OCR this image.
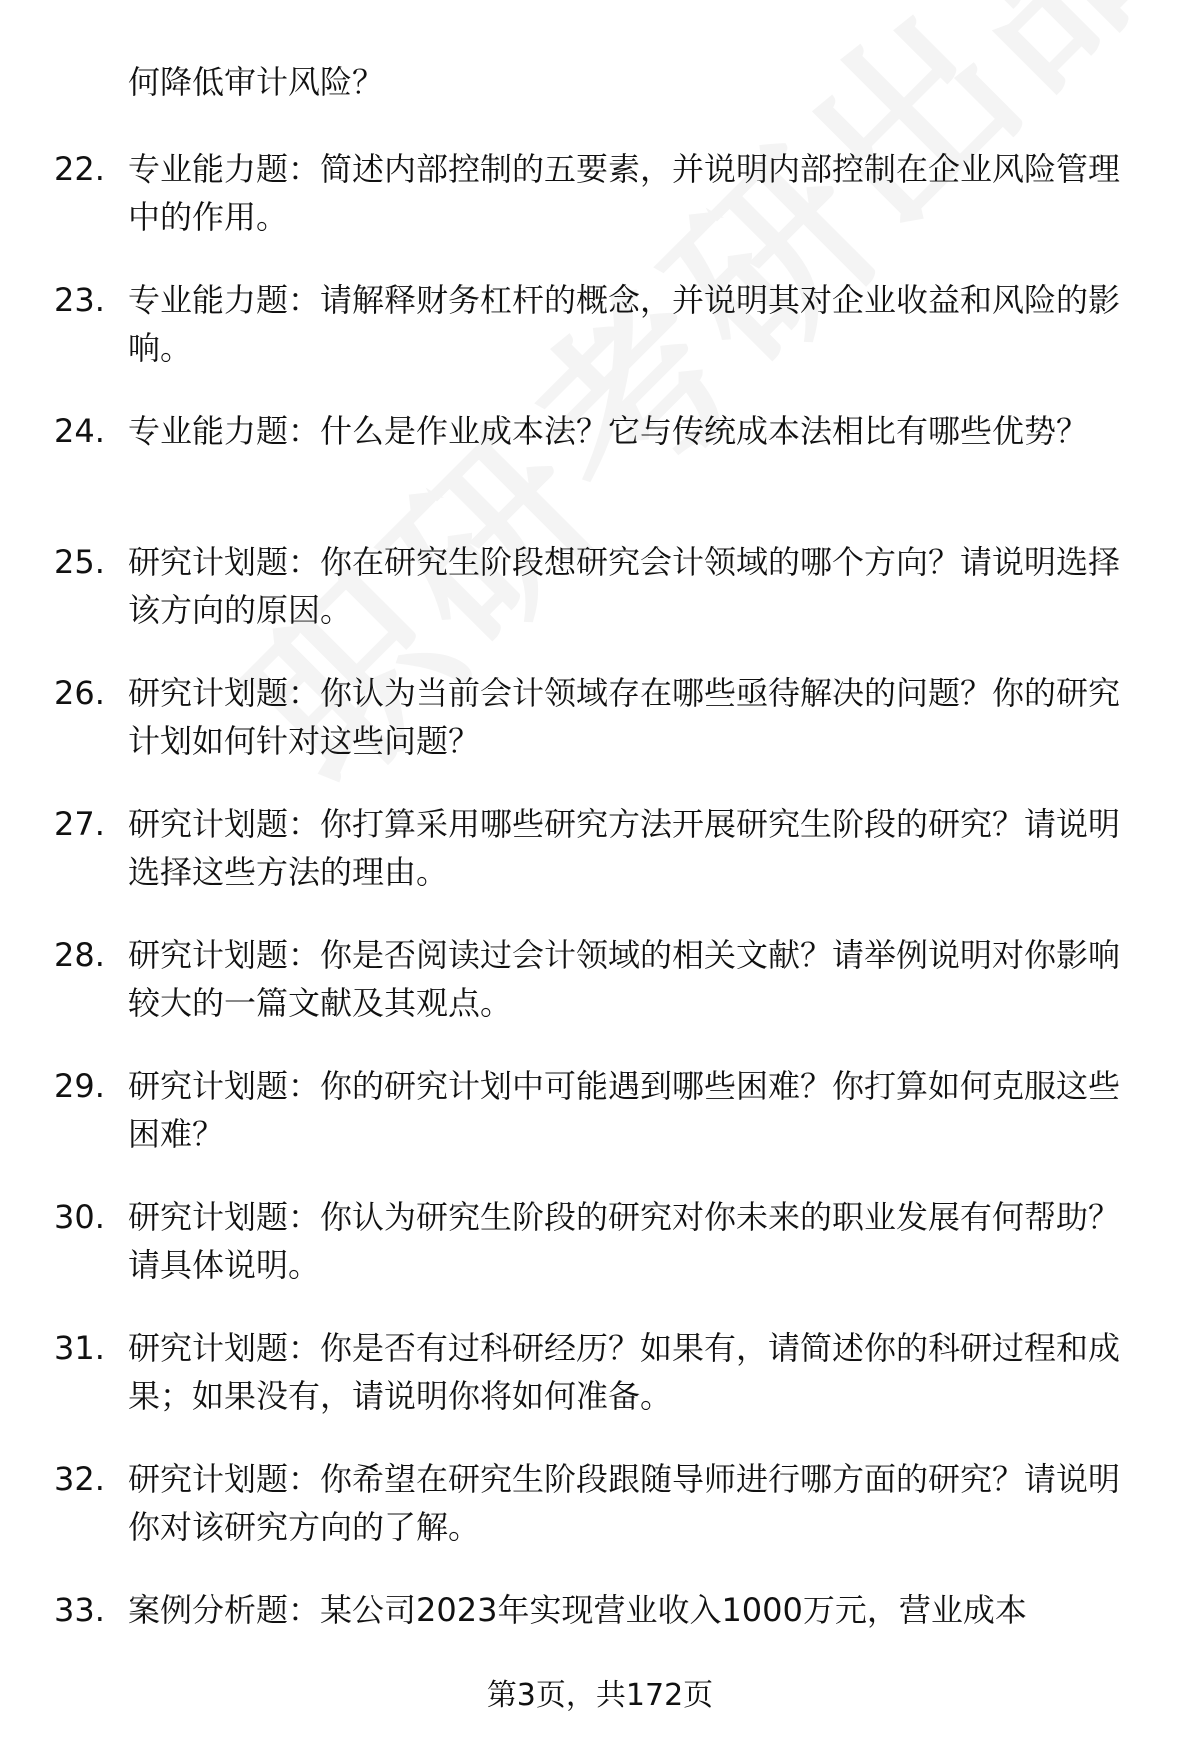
何降低审计风险？
22. 专业能力题：简述内部控制的五要素，并说明内部控制在企业风险管理中的作用。
23. 专业能力题：请解释财务杠杆的概念，并说明其对企业收益和风险的影响。
24. 专业能力题：什么是作业成本法？它与传统成本法相比有哪些优势？
25. 研究计划题：你在研究生阶段想研究会计领域的哪个方向？请说明选择该方向的原因。
26. 研究计划题：你认为当前会计领域存在哪些亟待解决的问题？你的研究计划如何针对这些问题？
27. 研究计划题：你打算采用哪些研究方法开展研究生阶段的研究？请说明选择这些方法的理由。
28. 研究计划题：你是否阅读过会计领域的相关文献？请举例说明对你影响较大的一篇文献及其观点。
29. 研究计划题：你的研究计划中可能遇到哪些困难？你打算如何克服这些困难？
30. 研究计划题：你认为研究生阶段的研究对你未来的职业发展有何帮助？请具体说明。
31. 研究计划题：你是否有过科研经历？如果有，请简述你的科研过程和成果；如果没有，请说明你将如何准备。
32. 研究计划题：你希望在研究生阶段跟随导师进行哪方面的研究？请说明你对该研究方向的了解。
33. 案例分析题：某公司2023年实现营业收入1000万元，营业成本
第3页，共172页
